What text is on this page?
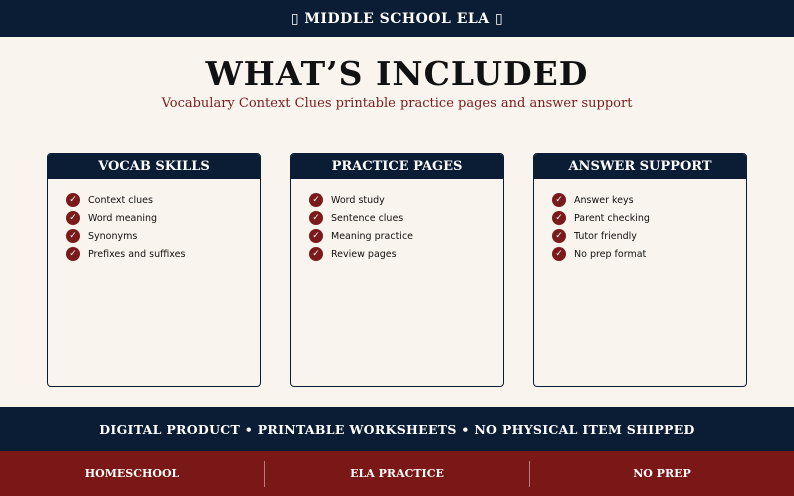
▯ MIDDLE SCHOOL ELA ▯
WHAT’S INCLUDED

Vocabulary Context Clues printable practice pages and answer support

VOCAB SKILLS
✓	Context clues
✓	Word meaning
✓	Synonyms
✓	Prefixes and suffixes
PRACTICE PAGES
✓	Word study
✓	Sentence clues
✓	Meaning practice
✓	Review pages
ANSWER SUPPORT
✓	Answer keys
✓	Parent checking
✓	Tutor friendly
✓	No prep format
DIGITAL PRODUCT • PRINTABLE WORKSHEETS • NO PHYSICAL ITEM SHIPPED
HOMESCHOOL	ELA PRACTICE	NO PREP
